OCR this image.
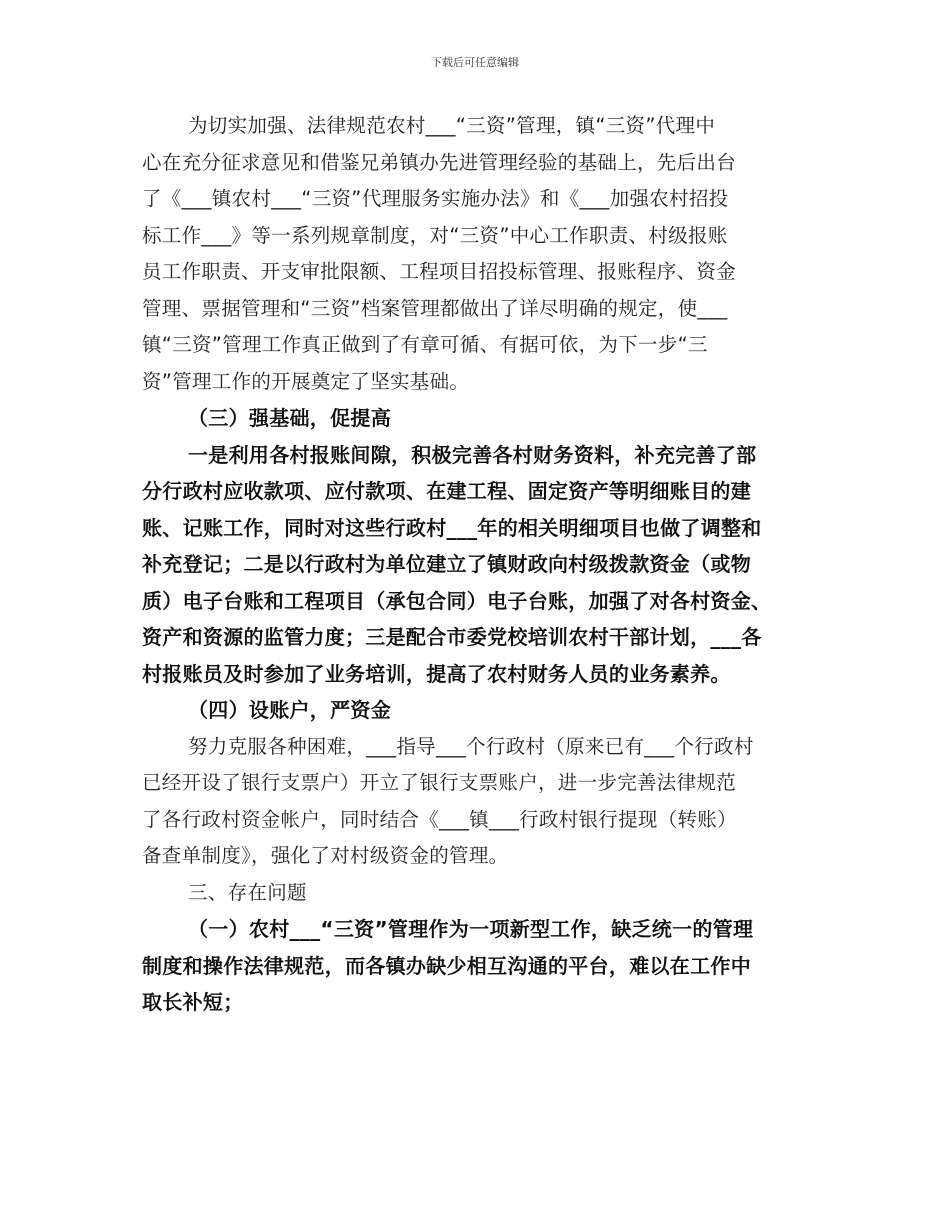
下载后可任意编辑
为切实加强、法律规范农村___“三资”管理，镇“三资”代理中
心在充分征求意见和借鉴兄弟镇办先进管理经验的基础上，先后出台
了《___镇农村___“三资”代理服务实施办法》和《___加强农村招投
标工作___》等一系列规章制度，对“三资”中心工作职责、村级报账
员工作职责、开支审批限额、工程项目招投标管理、报账程序、资金
管理、票据管理和“三资”档案管理都做出了详尽明确的规定，使___
镇“三资”管理工作真正做到了有章可循、有据可依，为下一步“三
资”管理工作的开展奠定了坚实基础。
（三）强基础，促提高
一是利用各村报账间隙，积极完善各村财务资料，补充完善了部
分行政村应收款项、应付款项、在建工程、固定资产等明细账目的建
账、记账工作，同时对这些行政村___年的相关明细项目也做了调整和
补充登记；二是以行政村为单位建立了镇财政向村级拨款资金（或物
质）电子台账和工程项目（承包合同）电子台账，加强了对各村资金、
资产和资源的监管力度；三是配合市委党校培训农村干部计划，___各
村报账员及时参加了业务培训，提高了农村财务人员的业务素养。
（四）设账户，严资金
努力克服各种困难，___指导___个行政村（原来已有___个行政村
已经开设了银行支票户）开立了银行支票账户，进一步完善法律规范
了各行政村资金帐户，同时结合《___镇___行政村银行提现（转账）
备查单制度》，强化了对村级资金的管理。
三、存在问题
（一）农村___“三资”管理作为一项新型工作，缺乏统一的管理
制度和操作法律规范，而各镇办缺少相互沟通的平台，难以在工作中
取长补短；
